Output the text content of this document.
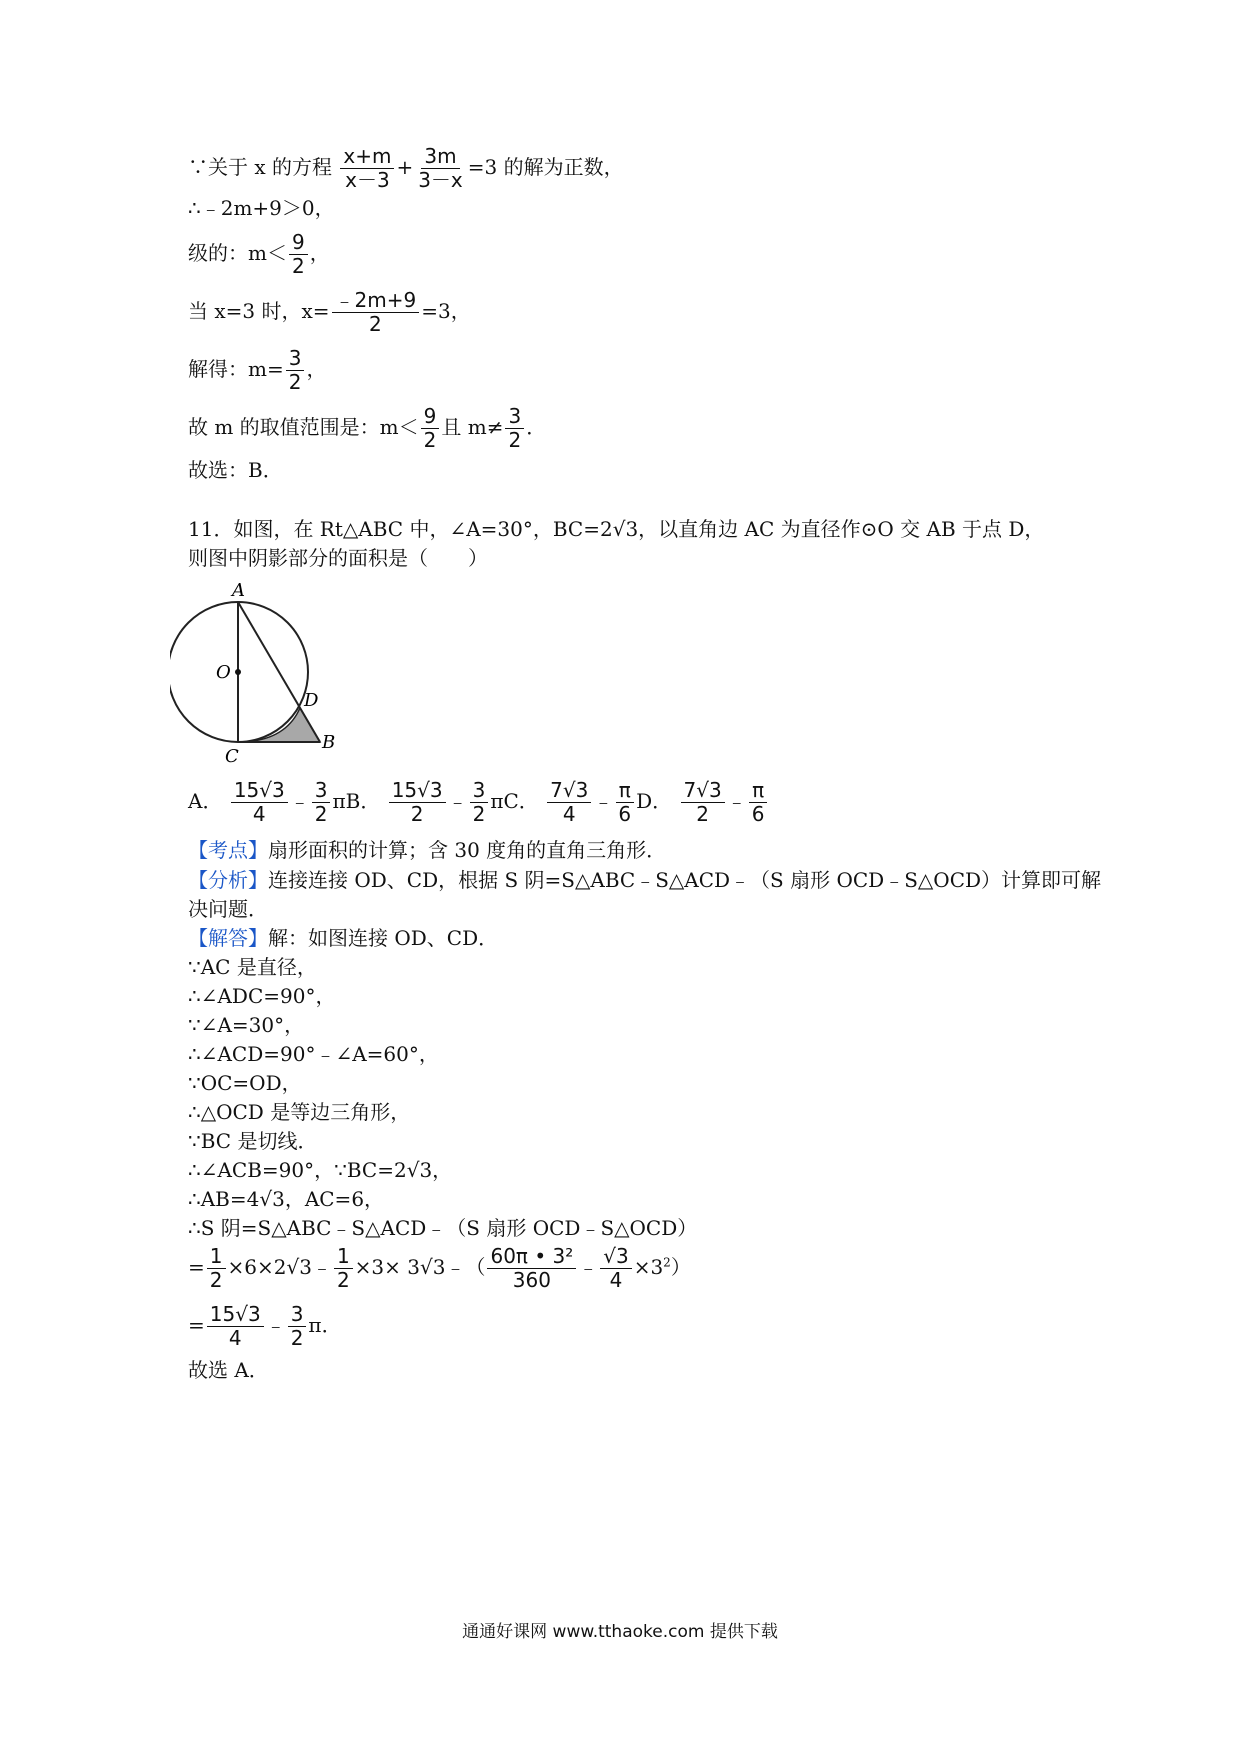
∵关于 x 的方程 $\frac{x+m}{x-3} + \frac{3m}{3-x} =3$ 的解为正数，
∴﹣2m+9＞0，
级的：$m< \frac{9}{2}$ ，
当 x=3 时，$x= \frac{﹣2m+9}{2} =3$，
解得：$m= \frac{3}{2}$ ，
故 m 的取值范围是：$m< \frac{9}{2}$ 且 $m\ne \frac{3}{2}$ ．
故选：B．
11．如图，在 Rt△ABC 中，∠A=30°，BC=2√3，以直角边 AC 为直径作⊙O 交 AB 于点 D，
则图中阴影部分的面积是（　　）
A
O
D
C
B
A． $\frac{15√3}{4}$ ﹣ $\frac{3}{2}$ πB． $\frac{15√3}{2}$ ﹣ $\frac{3}{2}$ πC． $\frac{7√3}{4}$ ﹣ $\frac{\pi}{6}$ D． $\frac{7√3}{2}$ ﹣ $\frac{\pi}{6}$
【考点】扇形面积的计算；含 30 度角的直角三角形．
【分析】连接连接 OD、CD，根据 S 阴=S△ABC﹣S△ACD﹣（S 扇形 OCD﹣S△OCD）计算即可解
决问题．
【解答】解：如图连接 OD、CD．
∵AC 是直径，
∴∠ADC=90°，
∵∠A=30°，
∴∠ACD=90°﹣∠A=60°，
∵OC=OD，
∴△OCD 是等边三角形，
∵BC 是切线．
∴∠ACB=90°，∵BC=2√3，
∴AB=4√3，AC=6，
∴S 阴=S△ABC﹣S△ACD﹣（S 扇形 OCD﹣S△OCD）
= $\frac{1}{2}$ ×6×2√3﹣ $\frac{1}{2} \times 3\times$ 3√3﹣（ $\frac{\text{60π • 3²}}{360}$ ﹣ $\frac{√3}{4} \times 3^2$）
= $\frac{15√3}{4}$ ﹣ $\frac{3}{2}$ π．
故选 A．
通通好课网 www.tthaoke.com 提供下载
